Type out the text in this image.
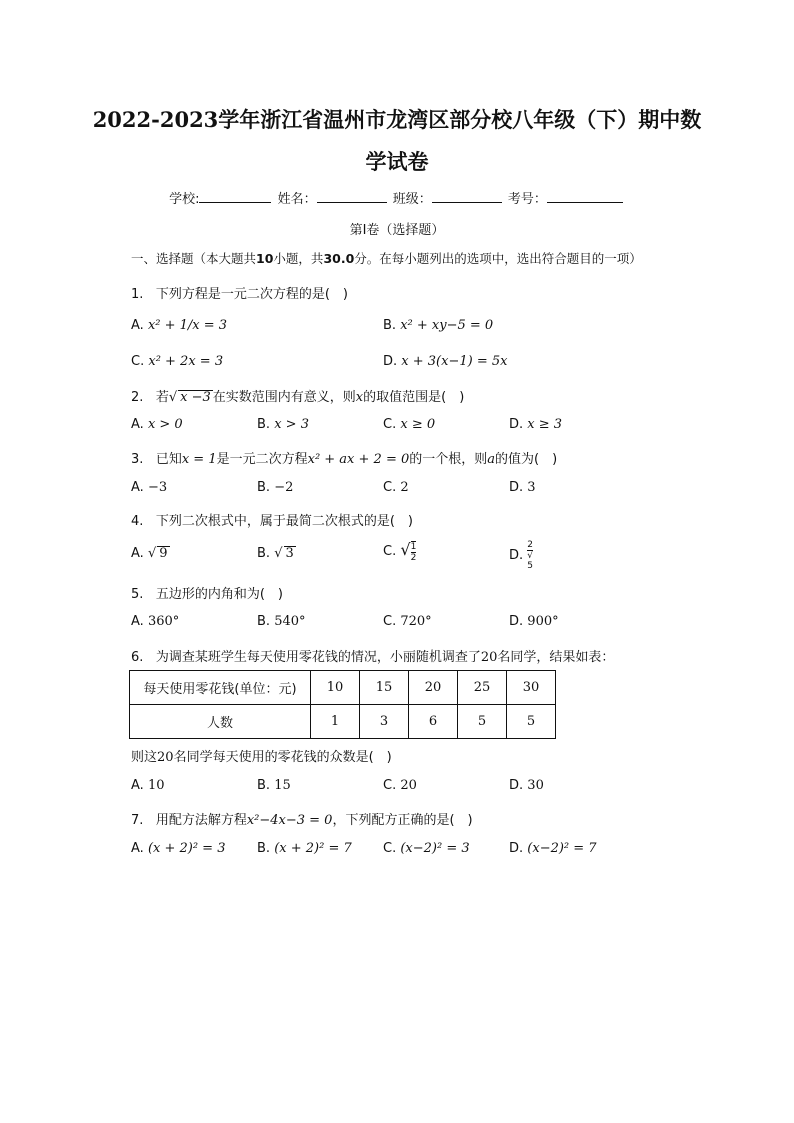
2022-2023学年浙江省温州市龙湾区部分校八年级（下）期中数
学试卷
学校:	姓名：	班级：	考号：
第I卷（选择题）
一、选择题（本大题共10小题，共30.0分。在每小题列出的选项中，选出符合题目的一项）
1. 下列方程是一元二次方程的是(　)
A. x² + 1/x = 3	B. x² + xy−5 = 0
C. x² + 2x = 3	D. x + 3(x−1) = 5x
2. 若√ x −3 在实数范围内有意义，则x的取值范围是(　)
A. x > 0	B. x > 3	C. x ≥ 0	D. x ≥ 3
3. 已知x = 1是一元二次方程x² + ax + 2 = 0的一个根，则a的值为(　)
A. −3	B. −2	C. 2	D. 3
4. 下列二次根式中，属于最简二次根式的是(　)
A. √ 9	B. √ 3	C. √ $\frac{1}{2}$	D. 2
√
5
5. 五边形的内角和为(　)
A. 360°	B. 540°	C. 720°	D. 900°
6. 为调查某班学生每天使用零花钱的情况，小丽随机调查了20名同学，结果如表：
每天使用零花钱(单位：元)	10	15	20	25	30
人数	1	3	6	5	5
则这20名同学每天使用的零花钱的众数是(　)
A. 10	B. 15	C. 20	D. 30
7. 用配方法解方程x²−4x−3 = 0，下列配方正确的是(　)
A. (x + 2)² = 3 B. (x + 2)² = 7 C. (x−2)² = 3	D. (x−2)² = 7
